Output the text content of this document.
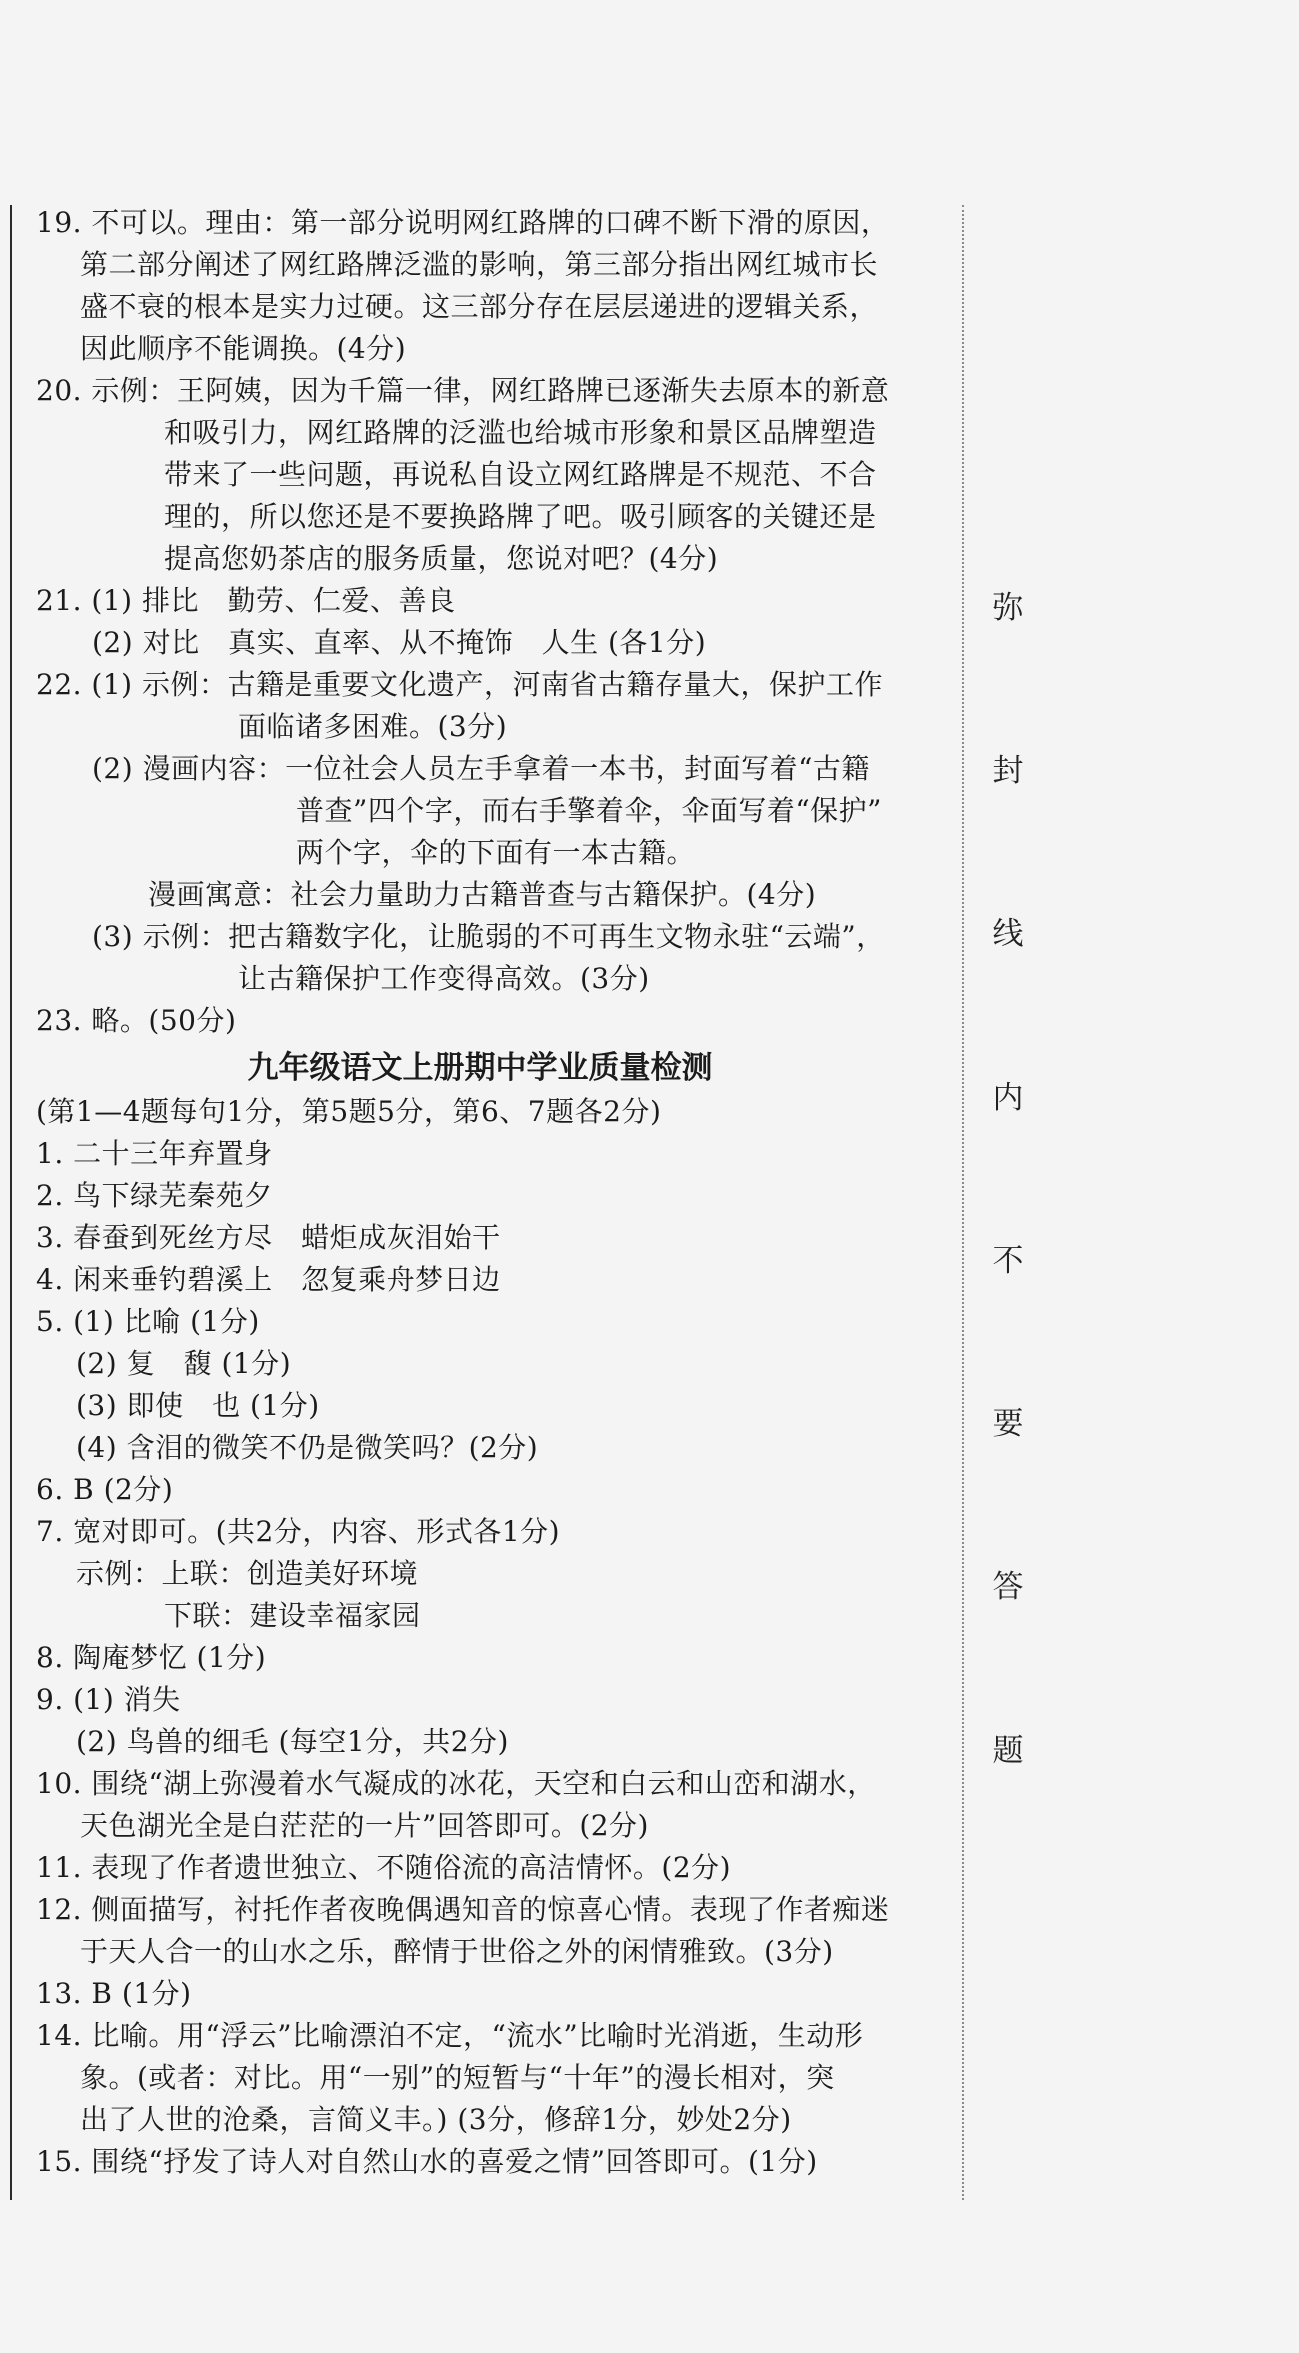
弥
封
线
内
不
要
答
题
19. 不可以。理由：第一部分说明网红路牌的口碑不断下滑的原因，
第二部分阐述了网红路牌泛滥的影响，第三部分指出网红城市长
盛不衰的根本是实力过硬。这三部分存在层层递进的逻辑关系，
因此顺序不能调换。(4分)
20. 示例：王阿姨，因为千篇一律，网红路牌已逐渐失去原本的新意
和吸引力，网红路牌的泛滥也给城市形象和景区品牌塑造
带来了一些问题，再说私自设立网红路牌是不规范、不合
理的，所以您还是不要换路牌了吧。吸引顾客的关键还是
提高您奶茶店的服务质量，您说对吧？(4分)
21. (1) 排比　勤劳、仁爱、善良
(2) 对比　真实、直率、从不掩饰　人生 (各1分)
22. (1) 示例：古籍是重要文化遗产，河南省古籍存量大，保护工作
面临诸多困难。(3分)
(2) 漫画内容：一位社会人员左手拿着一本书，封面写着“古籍
普查”四个字，而右手擎着伞，伞面写着“保护”
两个字，伞的下面有一本古籍。
漫画寓意：社会力量助力古籍普查与古籍保护。(4分)
(3) 示例：把古籍数字化，让脆弱的不可再生文物永驻“云端”，
让古籍保护工作变得高效。(3分)
23. 略。(50分)
九年级语文上册期中学业质量检测
(第1—4题每句1分，第5题5分，第6、7题各2分)
1. 二十三年弃置身
2. 鸟下绿芜秦苑夕
3. 春蚕到死丝方尽　蜡炬成灰泪始干
4. 闲来垂钓碧溪上　忽复乘舟梦日边
5. (1) 比喻 (1分)
(2) 复　馥 (1分)
(3) 即使　也 (1分)
(4) 含泪的微笑不仍是微笑吗？(2分)
6. B (2分)
7. 宽对即可。(共2分，内容、形式各1分)
示例：上联：创造美好环境
下联：建设幸福家园
8. 陶庵梦忆 (1分)
9. (1) 消失
(2) 鸟兽的细毛 (每空1分，共2分)
10. 围绕“湖上弥漫着水气凝成的冰花，天空和白云和山峦和湖水，
天色湖光全是白茫茫的一片”回答即可。(2分)
11. 表现了作者遗世独立、不随俗流的高洁情怀。(2分)
12. 侧面描写，衬托作者夜晚偶遇知音的惊喜心情。表现了作者痴迷
于天人合一的山水之乐，醉情于世俗之外的闲情雅致。(3分)
13. B (1分)
14. 比喻。用“浮云”比喻漂泊不定，“流水”比喻时光消逝，生动形
象。(或者：对比。用“一别”的短暂与“十年”的漫长相对，突
出了人世的沧桑，言简义丰。) (3分，修辞1分，妙处2分)
15. 围绕“抒发了诗人对自然山水的喜爱之情”回答即可。(1分)
